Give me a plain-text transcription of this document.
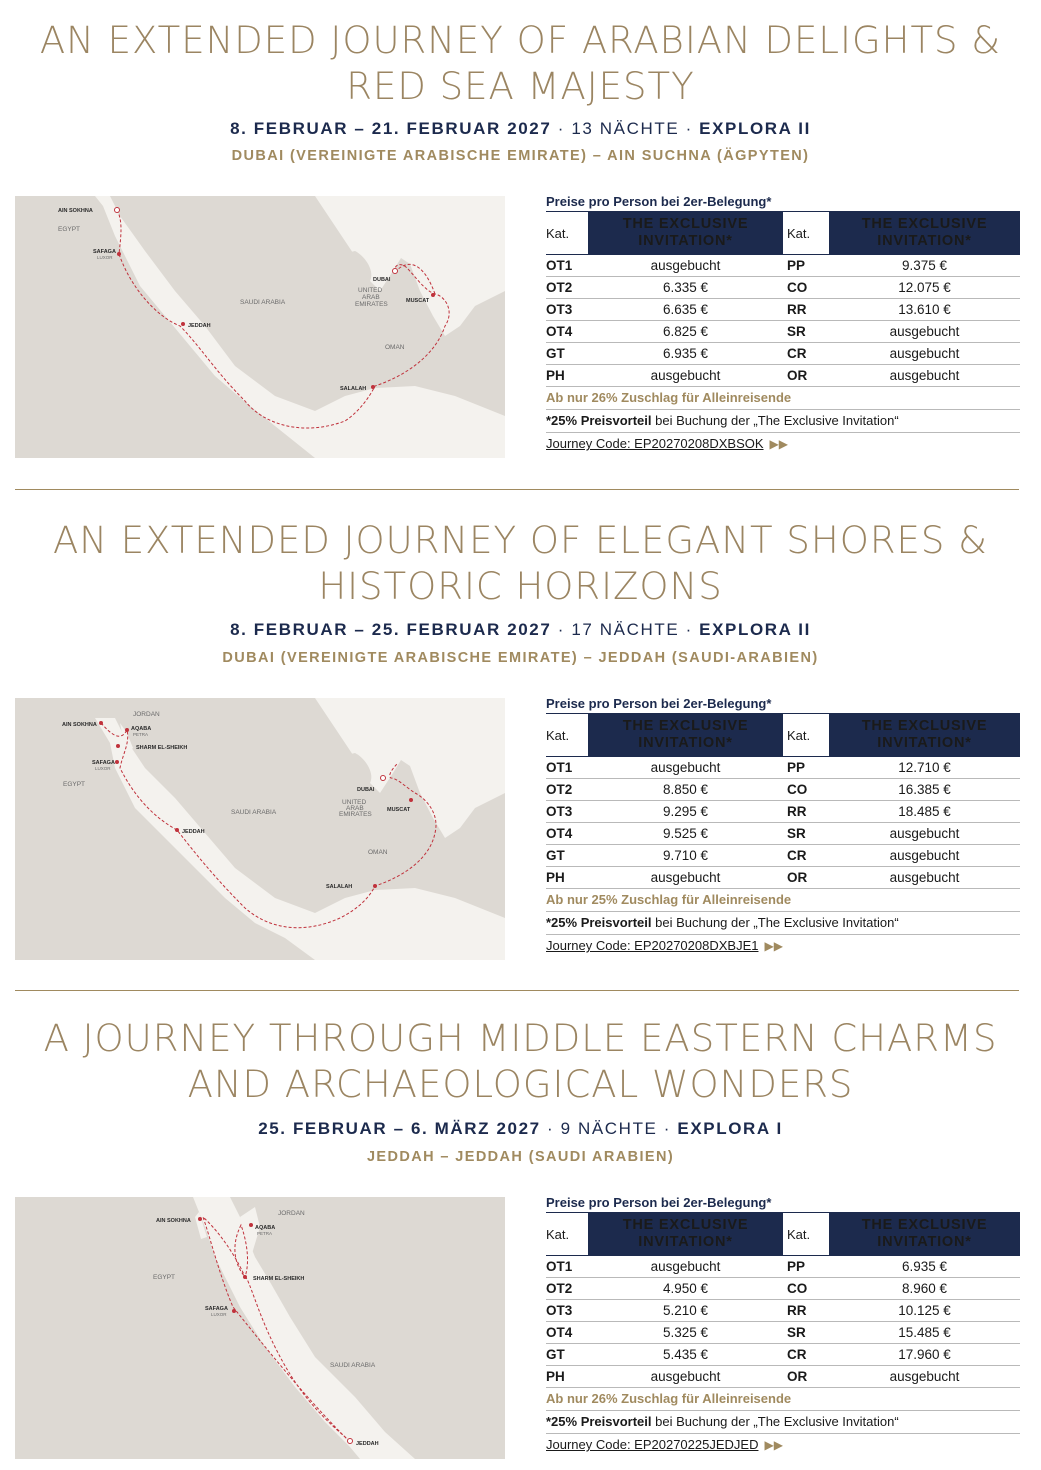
AN EXTENDED JOURNEY OF ARABIAN DELIGHTS &
RED SEA MAJESTY
8. FEBRUAR – 21. FEBRUAR 2027 · 13 NÄCHTE · EXPLORA II
DUBAI (VEREINIGTE ARABISCHE EMIRATE) – AIN SUCHNA (ÄGPYTEN)
AIN SOKHNA
EGYPT
SAFAGA
LUXOR
SAUDI ARABIA
JEDDAH
UNITED
ARAB
EMIRATES
DUBAI
MUSCAT
OMAN
SALALAH
Preise pro Person bei 2er-Belegung*
Kat.	THE EXCLUSIVE
INVITATION*	Kat.	THE EXCLUSIVE
INVITATION*
OT1	ausgebucht	PP	9.375 €
OT2	6.335 €	CO	12.075 €
OT3	6.635 €	RR	13.610 €
OT4	6.825 €	SR	ausgebucht
GT	6.935 €	CR	ausgebucht
PH	ausgebucht	OR	ausgebucht
Ab nur 26% Zuschlag für Alleinreisende
*25% Preisvorteil bei Buchung der „The Exclusive Invitation“
Journey Code: EP20270208DXBSOK ▶▶
AN EXTENDED JOURNEY OF ELEGANT SHORES &
HISTORIC HORIZONS
8. FEBRUAR – 25. FEBRUAR 2027 · 17 NÄCHTE · EXPLORA II
DUBAI (VEREINIGTE ARABISCHE EMIRATE) – JEDDAH (SAUDI-ARABIEN)
AIN SOKHNA
JORDAN
AQABA
PETRA
SHARM EL-SHEIKH
SAFAGA
LUXOR
EGYPT
SAUDI ARABIA
JEDDAH
UNITED
ARAB
EMIRATES
DUBAI
MUSCAT
OMAN
SALALAH
Preise pro Person bei 2er-Belegung*
Kat.	THE EXCLUSIVE
INVITATION*	Kat.	THE EXCLUSIVE
INVITATION*
OT1	ausgebucht	PP	12.710 €
OT2	8.850 €	CO	16.385 €
OT3	9.295 €	RR	18.485 €
OT4	9.525 €	SR	ausgebucht
GT	9.710 €	CR	ausgebucht
PH	ausgebucht	OR	ausgebucht
Ab nur 25% Zuschlag für Alleinreisende
*25% Preisvorteil bei Buchung der „The Exclusive Invitation“
Journey Code: EP20270208DXBJE1 ▶▶
A JOURNEY THROUGH MIDDLE EASTERN CHARMS
AND ARCHAEOLOGICAL WONDERS
25. FEBRUAR – 6. MÄRZ 2027 · 9 NÄCHTE · EXPLORA I
JEDDAH – JEDDAH (SAUDI ARABIEN)
AIN SOKHNA
JORDAN
AQABA
PETRA
SHARM EL-SHEIKH
EGYPT
SAFAGA
LUXOR
SAUDI ARABIA
JEDDAH
Preise pro Person bei 2er-Belegung*
Kat.	THE EXCLUSIVE
INVITATION*	Kat.	THE EXCLUSIVE
INVITATION*
OT1	ausgebucht	PP	6.935 €
OT2	4.950 €	CO	8.960 €
OT3	5.210 €	RR	10.125 €
OT4	5.325 €	SR	15.485 €
GT	5.435 €	CR	17.960 €
PH	ausgebucht	OR	ausgebucht
Ab nur 26% Zuschlag für Alleinreisende
*25% Preisvorteil bei Buchung der „The Exclusive Invitation“
Journey Code: EP20270225JEDJED ▶▶
